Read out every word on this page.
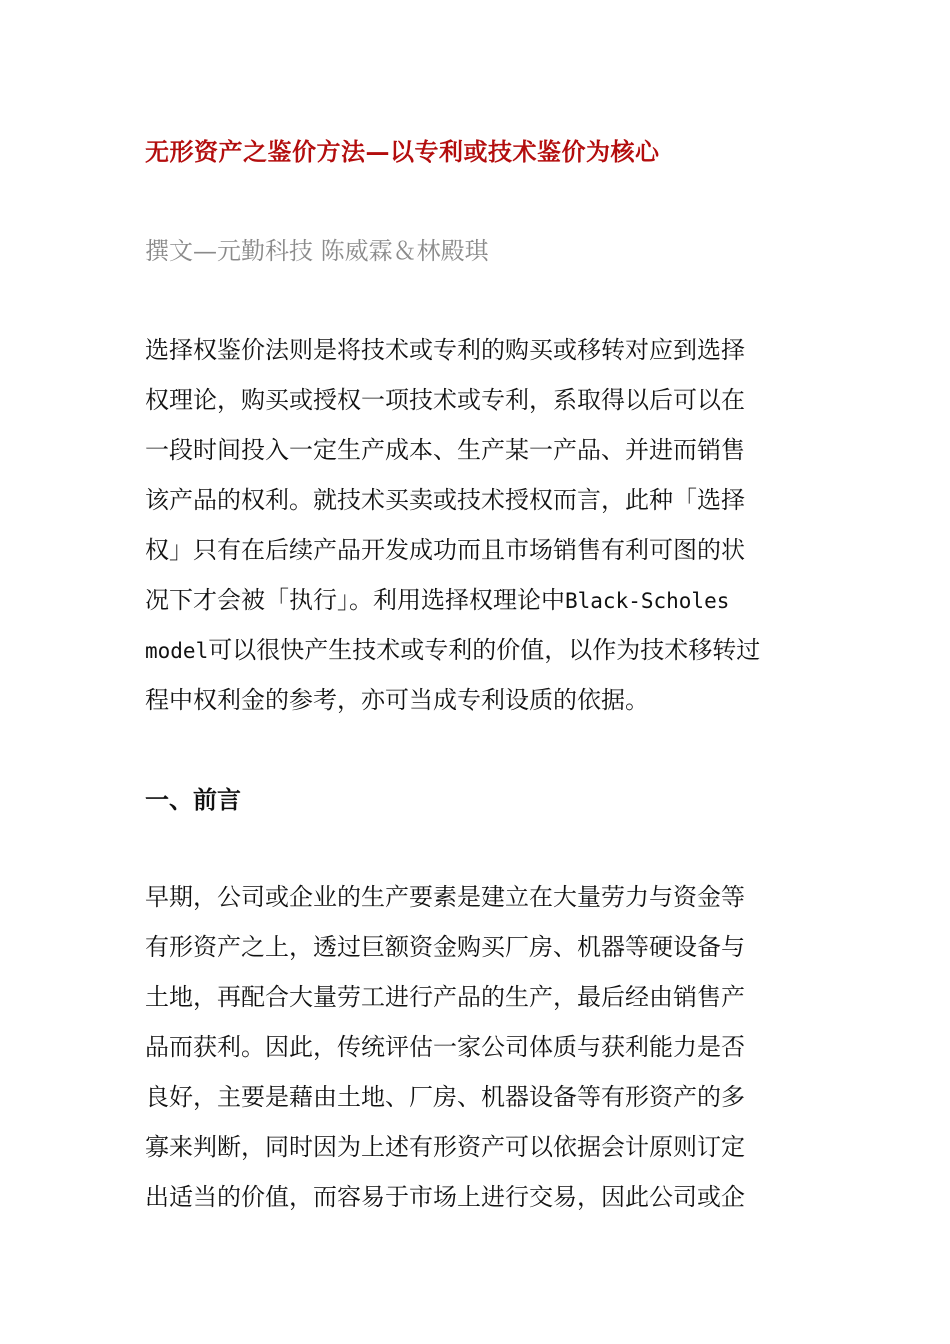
无形资产之鉴价方法—以专利或技术鉴价为核心
撰文—元勤科技 陈威霖＆林殿琪
选择权鉴价法则是将技术或专利的购买或移转对应到选择
权理论，购买或授权一项技术或专利，系取得以后可以在
一段时间投入一定生产成本、生产某一产品、并进而销售
该产品的权利。就技术买卖或技术授权而言，此种「选择
权」只有在后续产品开发成功而且市场销售有利可图的状
况下才会被「执行」。利用选择权理论中Black-Scholes
model可以很快产生技术或专利的价值，以作为技术移转过
程中权利金的参考，亦可当成专利设质的依据。
一、前言
早期，公司或企业的生产要素是建立在大量劳力与资金等
有形资产之上，透过巨额资金购买厂房、机器等硬设备与
土地，再配合大量劳工进行产品的生产，最后经由销售产
品而获利。因此，传统评估一家公司体质与获利能力是否
良好，主要是藉由土地、厂房、机器设备等有形资产的多
寡来判断，同时因为上述有形资产可以依据会计原则订定
出适当的价值，而容易于市场上进行交易，因此公司或企
